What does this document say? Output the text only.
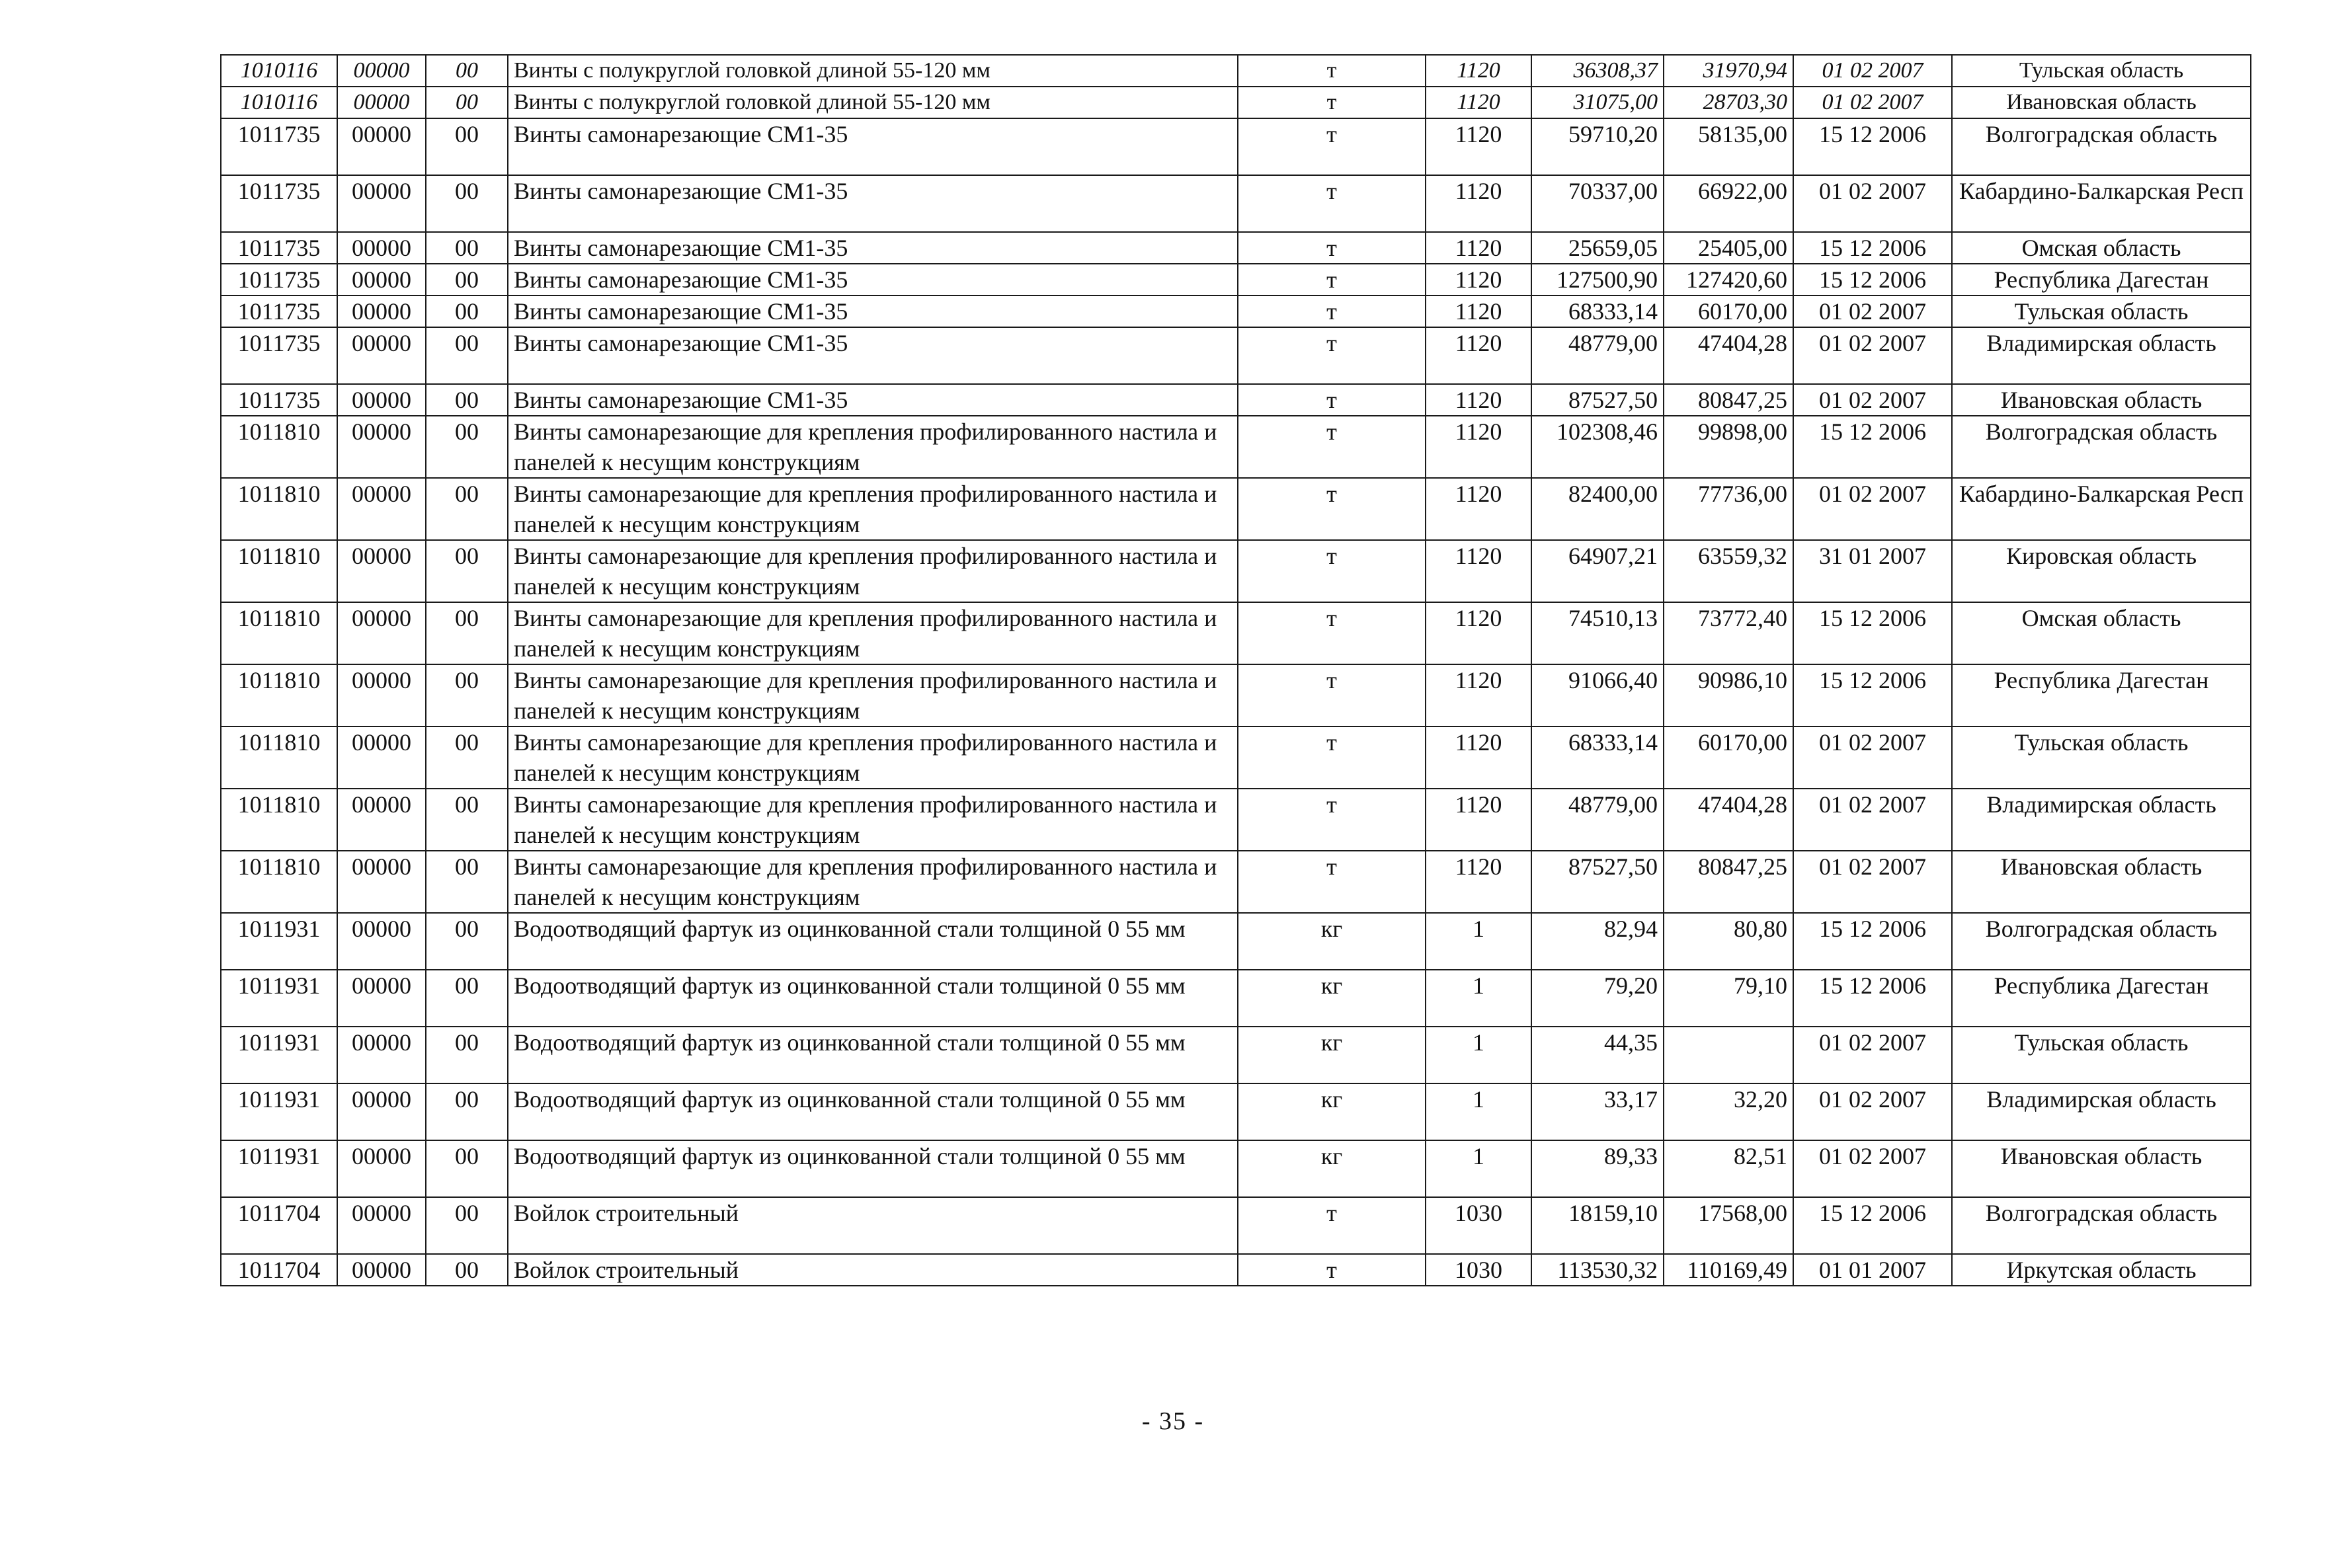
1010116	00000	00	Винты с полукруглой головкой длиной 55-120 мм	т	1120	36308,37	31970,94	01 02 2007	Тульская область
1010116	00000	00	Винты с полукруглой головкой длиной 55-120 мм	т	1120	31075,00	28703,30	01 02 2007	Ивановская область
1011735	00000	00	Винты самонарезающие СМ1-35	т	1120	59710,20	58135,00	15 12 2006	Волгоградская область
1011735	00000	00	Винты самонарезающие СМ1-35	т	1120	70337,00	66922,00	01 02 2007	Кабардино-Балкарская Респ
1011735	00000	00	Винты самонарезающие СМ1-35	т	1120	25659,05	25405,00	15 12 2006	Омская область
1011735	00000	00	Винты самонарезающие СМ1-35	т	1120	127500,90	127420,60	15 12 2006	Республика Дагестан
1011735	00000	00	Винты самонарезающие СМ1-35	т	1120	68333,14	60170,00	01 02 2007	Тульская область
1011735	00000	00	Винты самонарезающие СМ1-35	т	1120	48779,00	47404,28	01 02 2007	Владимирская область
1011735	00000	00	Винты самонарезающие СМ1-35	т	1120	87527,50	80847,25	01 02 2007	Ивановская область
1011810	00000	00	Винты самонарезающие для крепления профилированного настила и панелей к несущим конструкциям	т	1120	102308,46	99898,00	15 12 2006	Волгоградская область
1011810	00000	00	Винты самонарезающие для крепления профилированного настила и панелей к несущим конструкциям	т	1120	82400,00	77736,00	01 02 2007	Кабардино-Балкарская Респ
1011810	00000	00	Винты самонарезающие для крепления профилированного настила и панелей к несущим конструкциям	т	1120	64907,21	63559,32	31 01 2007	Кировская область
1011810	00000	00	Винты самонарезающие для крепления профилированного настила и панелей к несущим конструкциям	т	1120	74510,13	73772,40	15 12 2006	Омская область
1011810	00000	00	Винты самонарезающие для крепления профилированного настила и панелей к несущим конструкциям	т	1120	91066,40	90986,10	15 12 2006	Республика Дагестан
1011810	00000	00	Винты самонарезающие для крепления профилированного настила и панелей к несущим конструкциям	т	1120	68333,14	60170,00	01 02 2007	Тульская область
1011810	00000	00	Винты самонарезающие для крепления профилированного настила и панелей к несущим конструкциям	т	1120	48779,00	47404,28	01 02 2007	Владимирская область
1011810	00000	00	Винты самонарезающие для крепления профилированного настила и панелей к несущим конструкциям	т	1120	87527,50	80847,25	01 02 2007	Ивановская область
1011931	00000	00	Водоотводящий фартук из оцинкованной стали толщиной 0 55 мм	кг	1	82,94	80,80	15 12 2006	Волгоградская область
1011931	00000	00	Водоотводящий фартук из оцинкованной стали толщиной 0 55 мм	кг	1	79,20	79,10	15 12 2006	Республика Дагестан
1011931	00000	00	Водоотводящий фартук из оцинкованной стали толщиной 0 55 мм	кг	1	44,35		01 02 2007	Тульская область
1011931	00000	00	Водоотводящий фартук из оцинкованной стали толщиной 0 55 мм	кг	1	33,17	32,20	01 02 2007	Владимирская область
1011931	00000	00	Водоотводящий фартук из оцинкованной стали толщиной 0 55 мм	кг	1	89,33	82,51	01 02 2007	Ивановская область
1011704	00000	00	Войлок строительный	т	1030	18159,10	17568,00	15 12 2006	Волгоградская область
1011704	00000	00	Войлок строительный	т	1030	113530,32	110169,49	01 01 2007	Иркутская область
- 35 -
